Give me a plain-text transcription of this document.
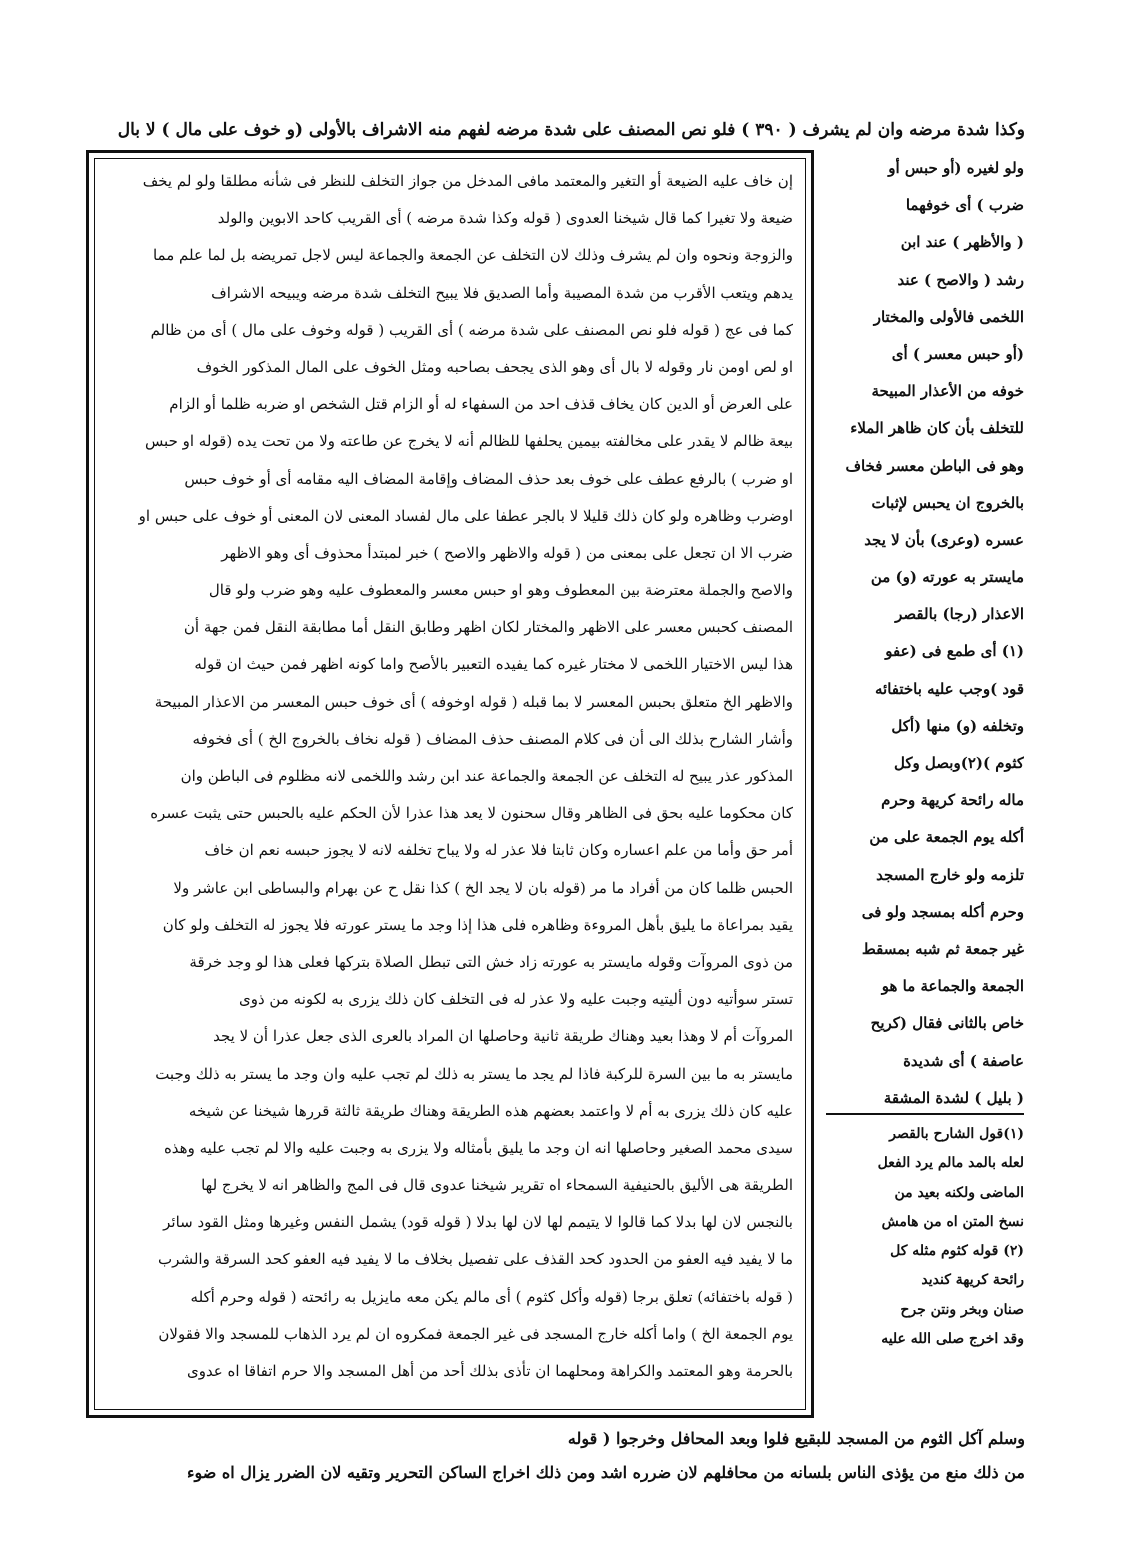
وكذا شدة مرضه وان لم يشرف ( ٣٩٠ ) فلو نص المصنف على شدة مرضه لفهم منه الاشراف بالأولى (و خوف على مال ) لا بال

ولو لغيره (أو حبس أو

ضرب ) أى خوفهما

( والأظهر ) عند ابن

رشد ( والاصح ) عند

اللخمى فالأولى والمختار

(أو حبس معسر ) أى

خوفه من الأعذار المبيحة

للتخلف بأن كان ظاهر الملاء

وهو فى الباطن معسر فخاف

بالخروج ان يحبس لإثبات

عسره (وعرى) بأن لا يجد

مايستر به عورته (و) من

الاعذار (رجا) بالقصر

(١) أى طمع فى (عفو

قود )وجب عليه باختفائه

وتخلفه (و) منها (أكل

كثوم )(٢)وبصل وكل

ماله رائحة كريهة وحرم

أكله يوم الجمعة على من

تلزمه ولو خارج المسجد

وحرم أكله بمسجد ولو فى

غير جمعة ثم شبه بمسقط

الجمعة والجماعة ما هو

خاص بالثانى فقال (كريح

عاصفة ) أى شديدة

( بليل ) لشدة المشقة

(١)قول الشارح بالقصر

لعله بالمد مالم يرد الفعل

الماضى ولكنه بعيد من

نسخ المتن اه من هامش

(٢) قوله كثوم مثله كل

رائحة كريهة كنديد

صنان وبخر ونتن جرح

وقد اخرج صلى الله عليه

إن خاف عليه الضيعة أو التغير والمعتمد مافى المدخل من جواز التخلف للنظر فى شأنه مطلقا ولو لم يخف

ضيعة ولا تغيرا كما قال شيخنا العدوى ( قوله وكذا شدة مرضه ) أى القريب كاحد الابوين والولد

والزوجة ونحوه وان لم يشرف وذلك لان التخلف عن الجمعة والجماعة ليس لاجل تمريضه بل لما علم مما

يدهم ويتعب الأقرب من شدة المصيبة وأما الصديق فلا يبيح التخلف شدة مرضه ويبيحه الاشراف

كما فى عج ( قوله فلو نص المصنف على شدة مرضه ) أى القريب ( قوله وخوف على مال ) أى من ظالم

او لص اومن نار وقوله لا بال أى وهو الذى يجحف بصاحبه ومثل الخوف على المال المذكور الخوف

على العرض أو الدين كان يخاف قذف احد من السفهاء له أو الزام قتل الشخص او ضربه ظلما أو الزام

بيعة ظالم لا يقدر على مخالفته بيمين يحلفها للظالم أنه لا يخرج عن طاعته ولا من تحت يده (قوله او حبس

او ضرب ) بالرفع عطف على خوف بعد حذف المضاف وإقامة المضاف اليه مقامه أى أو خوف حبس

اوضرب وظاهره ولو كان ذلك قليلا لا بالجر عطفا على مال لفساد المعنى لان المعنى أو خوف على حبس او

ضرب الا ان تجعل على بمعنى من ( قوله والاظهر والاصح ) خبر لمبتدأ محذوف أى وهو الاظهر

والاصح والجملة معترضة بين المعطوف وهو او حبس معسر والمعطوف عليه وهو ضرب ولو قال

المصنف كحبس معسر على الاظهر والمختار لكان اظهر وطابق النقل أما مطابقة النقل فمن جهة أن

هذا ليس الاختيار اللخمى لا مختار غيره كما يفيده التعبير بالأصح واما كونه اظهر فمن حيث ان قوله

والاظهر الخ متعلق بحبس المعسر لا بما قبله ( قوله اوخوفه ) أى خوف حبس المعسر من الاعذار المبيحة

وأشار الشارح بذلك الى أن فى كلام المصنف حذف المضاف ( قوله نخاف بالخروج الخ ) أى فخوفه

المذكور عذر يبيح له التخلف عن الجمعة والجماعة عند ابن رشد واللخمى لانه مظلوم فى الباطن وان

كان محكوما عليه بحق فى الظاهر وقال سحنون لا يعد هذا عذرا لأن الحكم عليه بالحبس حتى يثبت عسره

أمر حق وأما من علم اعساره وكان ثابتا فلا عذر له ولا يباح تخلفه لانه لا يجوز حبسه نعم ان خاف

الحبس ظلما كان من أفراد ما مر (قوله بان لا يجد الخ ) كذا نقل ح عن بهرام والبساطى ابن عاشر ولا

يقيد بمراعاة ما يليق بأهل المروءة وظاهره فلى هذا إذا وجد ما يستر عورته فلا يجوز له التخلف ولو كان

من ذوى المروآت وقوله مايستر به عورته زاد خش التى تبطل الصلاة بتركها فعلى هذا لو وجد خرقة

تستر سوأتيه دون أليتيه وجبت عليه ولا عذر له فى التخلف كان ذلك يزرى به لكونه من ذوى

المروآت أم لا وهذا بعيد وهناك طريقة ثانية وحاصلها ان المراد بالعرى الذى جعل عذرا أن لا يجد

مايستر به ما بين السرة للركبة فاذا لم يجد ما يستر به ذلك لم تجب عليه وان وجد ما يستر به ذلك وجبت

عليه كان ذلك يزرى به أم لا واعتمد بعضهم هذه الطريقة وهناك طريقة ثالثة قررها شيخنا عن شيخه

سيدى محمد الصغير وحاصلها انه ان وجد ما يليق بأمثاله ولا يزرى به وجبت عليه والا لم تجب عليه وهذه

الطريقة هى الأليق بالحنيفية السمحاء اه تقرير شيخنا عدوى قال فى المج والظاهر انه لا يخرج لها

بالنجس لان لها بدلا كما قالوا لا يتيمم لها لان لها بدلا ( قوله قود) يشمل النفس وغيرها ومثل القود سائر

ما لا يفيد فيه العفو من الحدود كحد القذف على تفصيل بخلاف ما لا يفيد فيه العفو كحد السرقة والشرب

( قوله باختفائه) تعلق برجا (قوله وأكل كثوم ) أى مالم يكن معه مايزيل به رائحته ( قوله وحرم أكله

يوم الجمعة الخ ) واما أكله خارج المسجد فى غير الجمعة فمكروه ان لم يرد الذهاب للمسجد والا فقولان

بالحرمة وهو المعتمد والكراهة ومحلهما ان تأذى بذلك أحد من أهل المسجد والا حرم اتفاقا اه عدوى

وسلم آكل الثوم من المسجد للبقيع فلوا وبعد المحافل وخرجوا ( قوله
من ذلك منع من يؤذى الناس بلسانه من محافلهم لان ضرره اشد ومن ذلك اخراج الساكن التحرير وتقيه لان الضرر يزال اه ضوء
